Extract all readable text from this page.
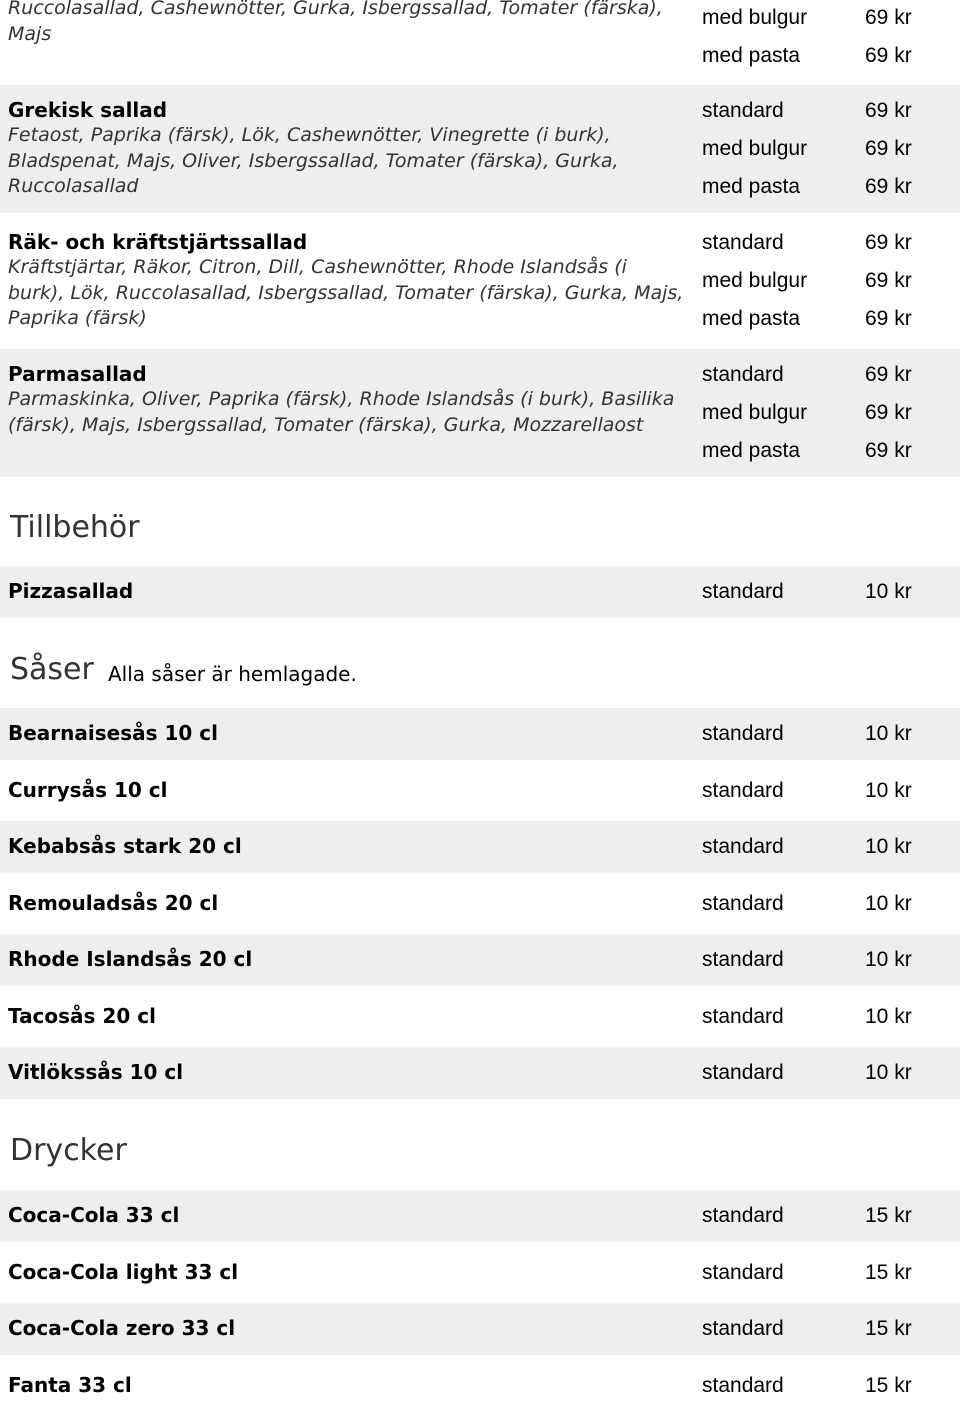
Ruccolasallad, Cashewnötter, Gurka, Isbergssallad, Tomater (färska), Majs
med bulgur	69 kr
med pasta	69 kr
Grekisk sallad
Fetaost, Paprika (färsk), Lök, Cashewnötter, Vinegrette (i burk), Bladspenat, Majs, Oliver, Isbergssallad, Tomater (färska), Gurka, Ruccolasallad
standard	69 kr
med bulgur	69 kr
med pasta	69 kr
Räk- och kräftstjärtssallad
Kräftstjärtar, Räkor, Citron, Dill, Cashewnötter, Rhode Islandsås (i burk), Lök, Ruccolasallad, Isbergssallad, Tomater (färska), Gurka, Majs, Paprika (färsk)
standard	69 kr
med bulgur	69 kr
med pasta	69 kr
Parmasallad
Parmaskinka, Oliver, Paprika (färsk), Rhode Islandsås (i burk), Basilika (färsk), Majs, Isbergssallad, Tomater (färska), Gurka, Mozzarellaost
standard	69 kr
med bulgur	69 kr
med pasta	69 kr
Tillbehör
Pizzasallad	standard	10 kr
Såser Alla såser är hemlagade.
Bearnaisesås 10 cl	standard	10 kr
Currysås 10 cl	standard	10 kr
Kebabsås stark 20 cl	standard	10 kr
Remouladsås 20 cl	standard	10 kr
Rhode Islandsås 20 cl	standard	10 kr
Tacosås 20 cl	standard	10 kr
Vitlökssås 10 cl	standard	10 kr
Drycker
Coca-Cola 33 cl	standard	15 kr
Coca-Cola light 33 cl	standard	15 kr
Coca-Cola zero 33 cl	standard	15 kr
Fanta 33 cl	standard	15 kr
